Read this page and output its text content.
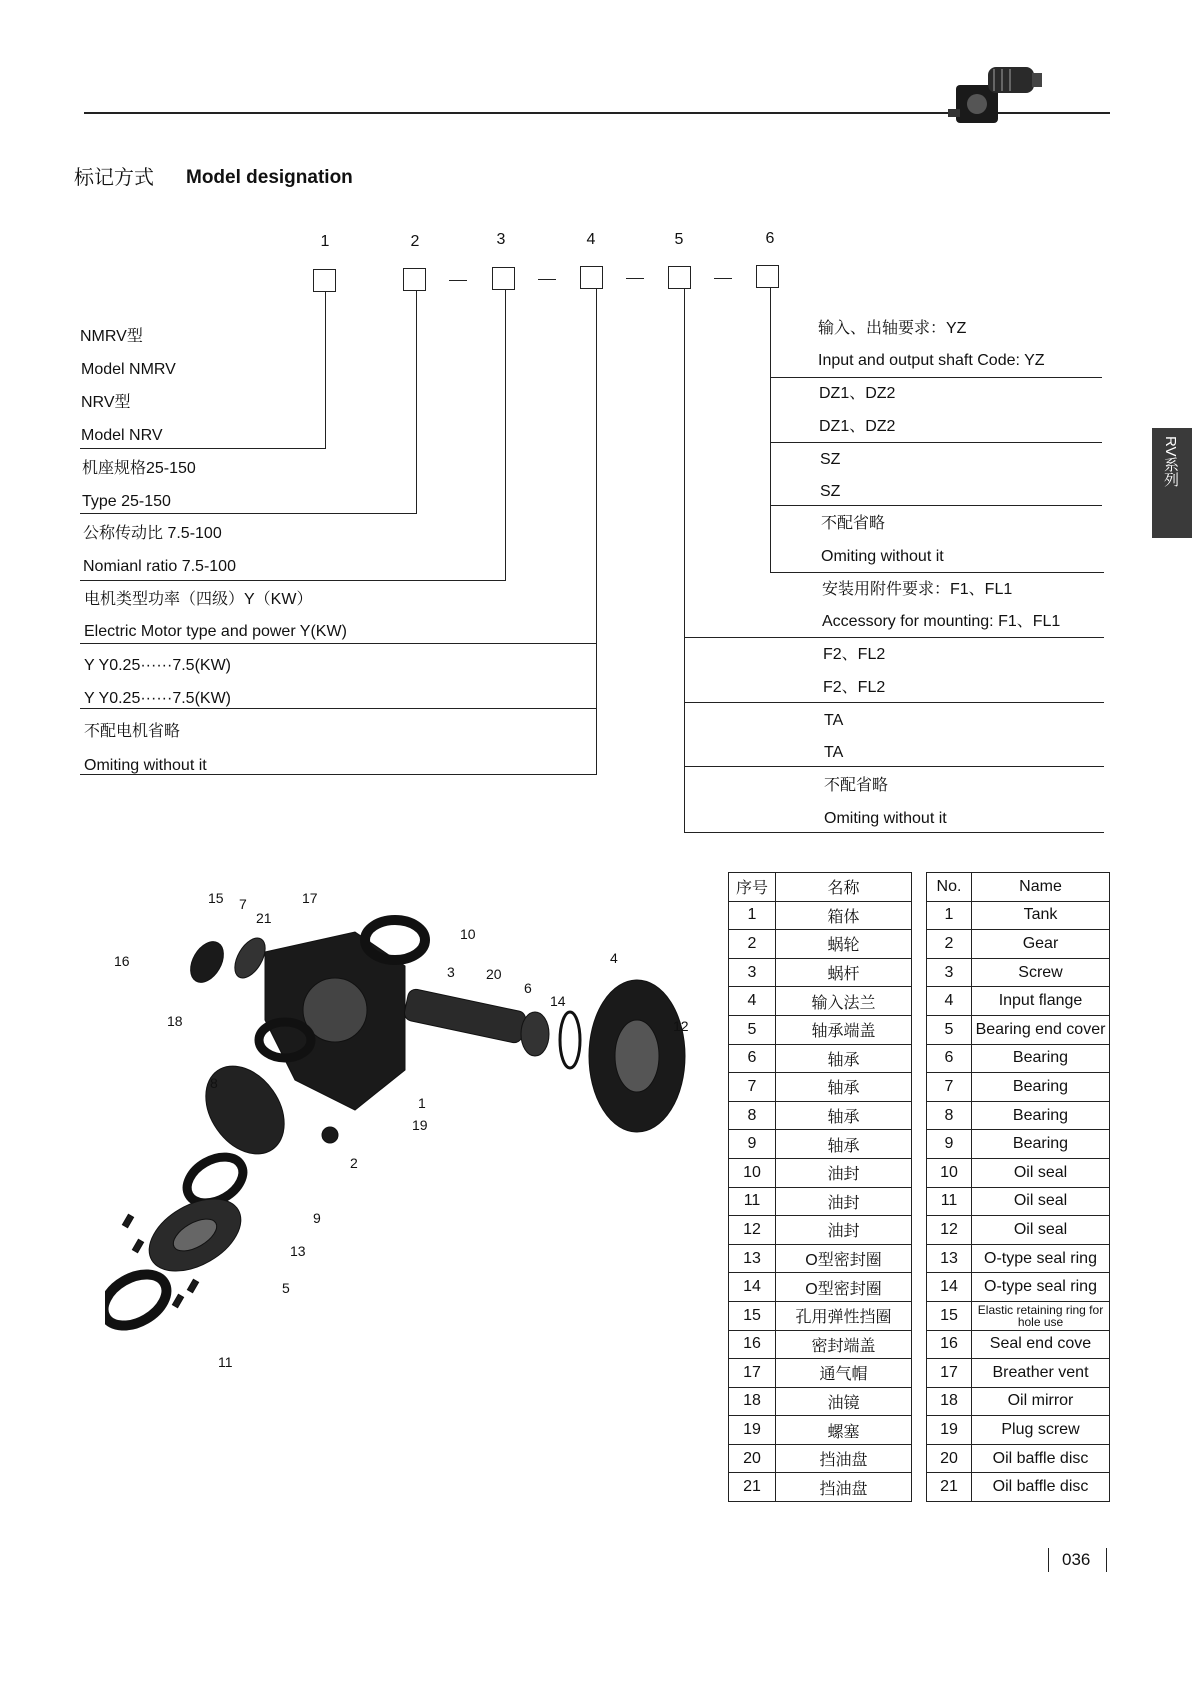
RV系列
标记方式 Model designation
1	2	3	4	5	6
NMRV型
Model NMRV
NRV型
Model NRV
机座规格25-150
Type 25-150
公称传动比 7.5-100
Nomianl ratio 7.5-100
电机类型功率（四级）Y（KW）
Electric Motor type and power Y(KW)
Y Y0.25······7.5(KW)
Y Y0.25······7.5(KW)
不配电机省略
Omiting without it
输入、出轴要求：YZ
Input and output shaft Code: YZ
DZ1、DZ2
DZ1、DZ2
SZ
SZ
不配省略
Omiting without it
安装用附件要求：F1、FL1
Accessory for mounting: F1、FL1
F2、FL2
F2、FL2
TA
TA
不配省略
Omiting without it
15 7
21
17
10
16
18
3 20
6
14
4
12
8
1
19
2
9
13
5
11
序号	名称
1	箱体
2	蜗轮
3	蜗杆
4	输入法兰
5	轴承端盖
6	轴承
7	轴承
8	轴承
9	轴承
10	油封
11	油封
12	油封
13	O型密封圈
14	O型密封圈
15	孔用弹性挡圈
16	密封端盖
17	通气帽
18	油镜
19	螺塞
20	挡油盘
21	挡油盘
No.	Name
1	Tank
2	Gear
3	Screw
4	Input flange
5	Bearing end cover
6	Bearing
7	Bearing
8	Bearing
9	Bearing
10	Oil seal
11	Oil seal
12	Oil seal
13	O-type seal ring
14	O-type seal ring
15	Elastic retaining ring for hole use
16	Seal end cove
17	Breather vent
18	Oil mirror
19	Plug screw
20	Oil baffle disc
21	Oil baffle disc
036
